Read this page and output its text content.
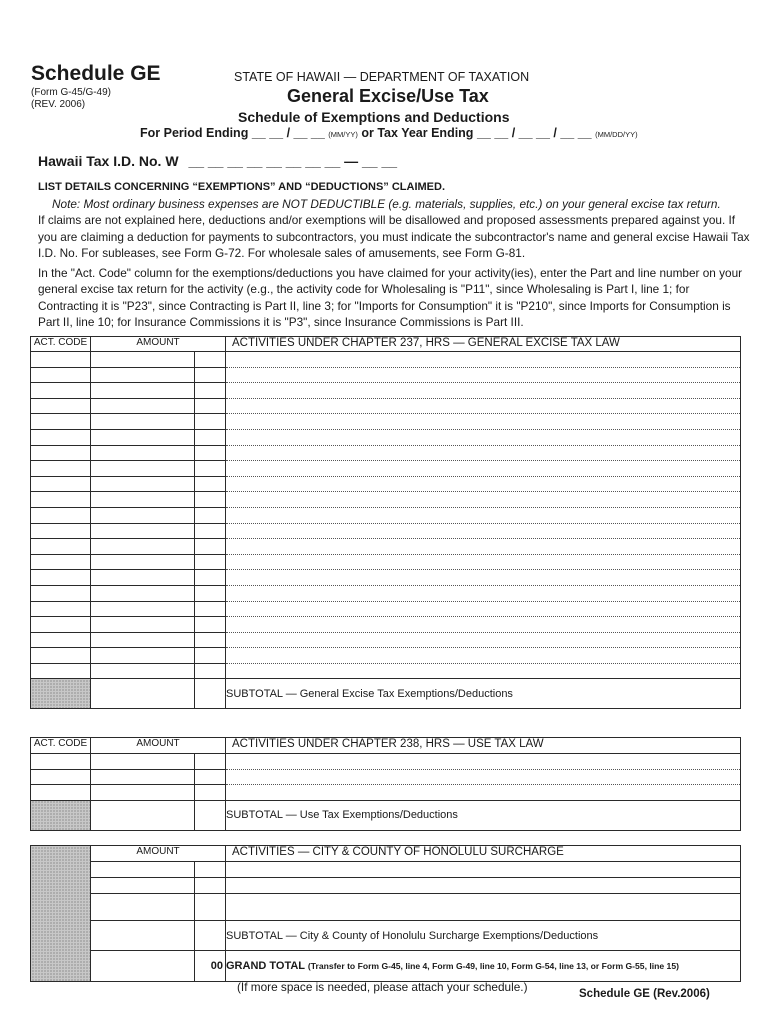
Schedule GE
(Form G-45/G-49)
(REV. 2006)
STATE OF HAWAII — DEPARTMENT OF TAXATION
General Excise/Use Tax
Schedule of Exemptions and Deductions
For Period Ending __ __ / __ __ (MM/YY) or Tax Year Ending __ __ / __ __ / __ __ (MM/DD/YY)
Hawaii Tax I.D. No. W __ __ __ __ __ __ __ __ — __ __
LIST DETAILS CONCERNING “EXEMPTIONS” AND “DEDUCTIONS” CLAIMED.
Note: Most ordinary business expenses are NOT DEDUCTIBLE (e.g. materials, supplies, etc.) on your general excise tax return.
If claims are not explained here, deductions and/or exemptions will be disallowed and proposed assessments prepared against you. If you are claiming a deduction for payments to subcontractors, you must indicate the subcontractor's name and general excise Hawaii Tax I.D. No. For subleases, see Form G-72. For wholesale sales of amusements, see Form G-81.
In the "Act. Code" column for the exemptions/deductions you have claimed for your activity(ies), enter the Part and line number on your general excise tax return for the activity (e.g., the activity code for Wholesaling is "P11", since Wholesaling is Part I, line 1; for Contracting it is "P23", since Contracting is Part II, line 3; for "Imports for Consumption" it is "P210", since Imports for Consumption is Part II, line 10; for Insurance Commissions it is "P3", since Insurance Commissions is Part III.
ACT. CODE	AMOUNT		ACTIVITIES UNDER CHAPTER 237, HRS — GENERAL EXCISE TAX LAW

			SUBTOTAL — General Excise Tax Exemptions/Deductions
ACT. CODE	AMOUNT		ACTIVITIES UNDER CHAPTER 238, HRS — USE TAX LAW

			SUBTOTAL — Use Tax Exemptions/Deductions
	AMOUNT		ACTIVITIES — CITY & COUNTY OF HONOLULU SURCHARGE

			SUBTOTAL — City & County of Honolulu Surcharge Exemptions/Deductions
		00	GRAND TOTAL (Transfer to Form G-45, line 4, Form G-49, line 10, Form G-54, line 13, or Form G-55, line 15)
(If more space is needed, please attach your schedule.)	Schedule GE (Rev.2006)
